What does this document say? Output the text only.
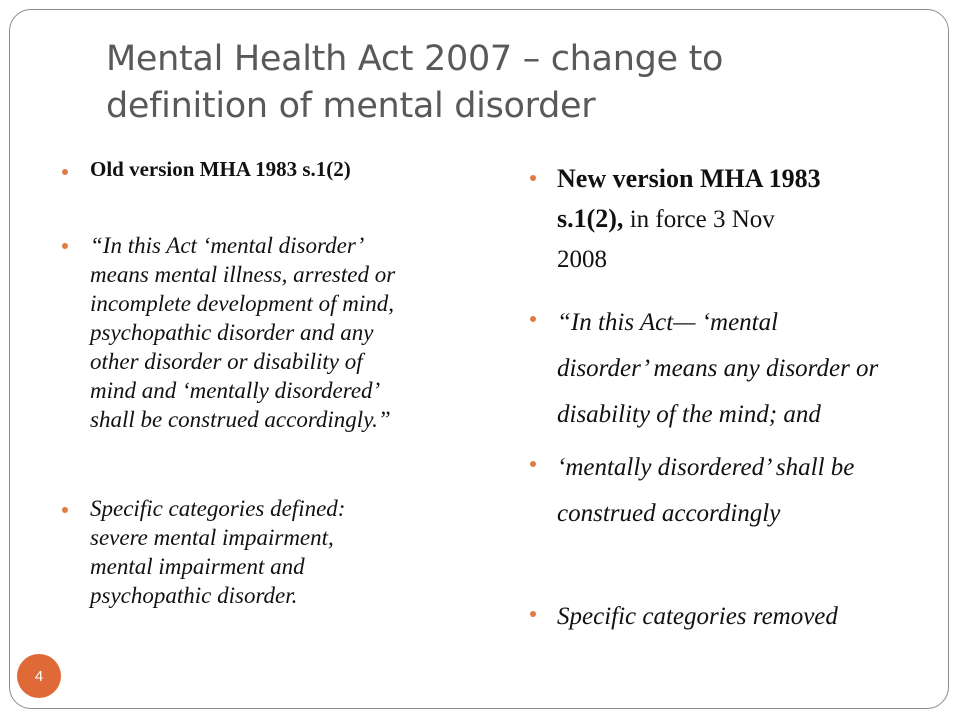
Mental Health Act 2007 – change to
definition of mental disorder
Old version MHA 1983 s.1(2)
“In this Act ‘mental disorder’
means mental illness, arrested or
incomplete development of mind,
psychopathic disorder and any
other disorder or disability of
mind and ‘mentally disordered’
shall be construed accordingly.”
Specific categories defined:
severe mental impairment,
mental impairment and
psychopathic disorder.
New version MHA 1983
s.1(2), in force 3 Nov
2008
“In this Act— ‘mental
disorder’ means any disorder or
disability of the mind; and
‘mentally disordered’ shall be
construed accordingly
Specific categories removed
4
